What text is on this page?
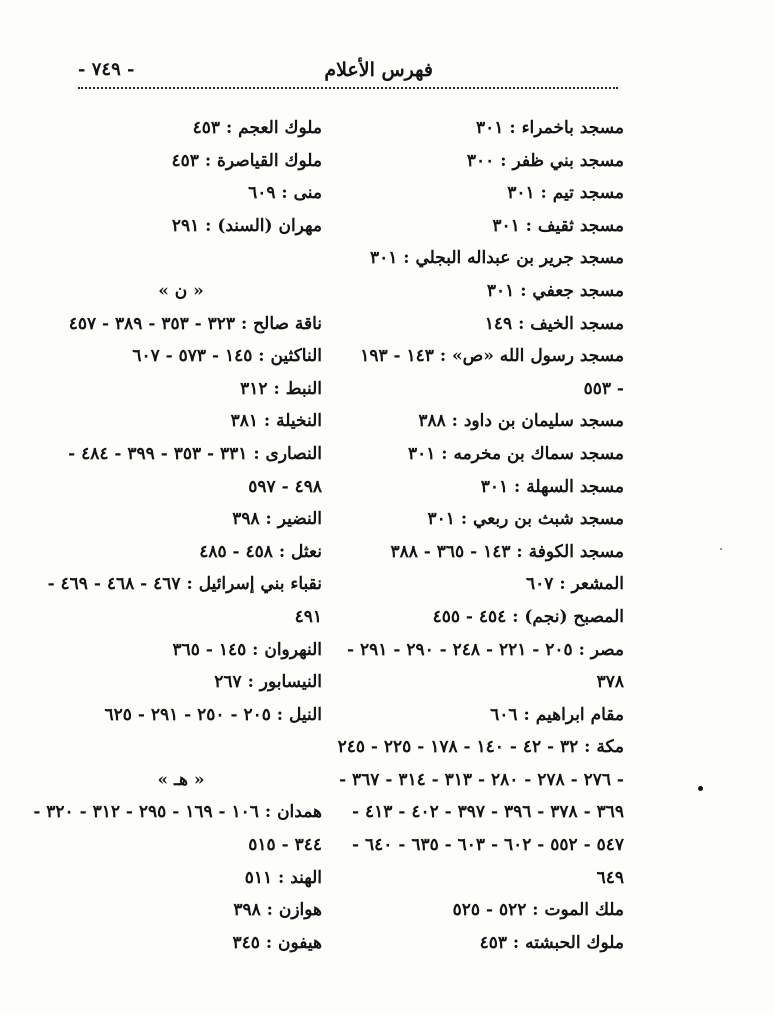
فهرس الأعلام
- ٧٤٩ -
مسجد باخمراء : ٣٠١
مسجد بني ظفر : ٣٠٠
مسجد تيم : ٣٠١
مسجد ثقيف : ٣٠١
مسجد جرير بن عبداله البجلي : ٣٠١
مسجد جعفي : ٣٠١
مسجد الخيف : ١٤٩
مسجد رسول الله «ص» : ١٤٣ - ١٩٣
- ٥٥٣
مسجد سليمان بن داود : ٣٨٨
مسجد سماك بن مخرمه : ٣٠١
مسجد السهلة : ٣٠١
مسجد شبث بن ربعي : ٣٠١
مسجد الكوفة : ١٤٣ - ٣٦٥ - ٣٨٨
المشعر : ٦٠٧
المصبح (نجم) : ٤٥٤ - ٤٥٥
مصر : ٢٠٥ - ٢٢١ - ٢٤٨ - ٢٩٠ - ٢٩١ -
٣٧٨
مقام ابراهيم : ٦٠٦
مكة : ٣٢ - ٤٢ - ١٤٠ - ١٧٨ - ٢٢٥ - ٢٤٥
- ٢٧٦ - ٢٧٨ - ٢٨٠ - ٣١٣ - ٣١٤ - ٣٦٧ -
٣٦٩ - ٣٧٨ - ٣٩٦ - ٣٩٧ - ٤٠٢ - ٤١٣ -
٥٤٧ - ٥٥٢ - ٦٠٢ - ٦٠٣ - ٦٣٥ - ٦٤٠ -
٦٤٩
ملك الموت : ٥٢٢ - ٥٢٥
ملوك الحبشته : ٤٥٣
ملوك العجم : ٤٥٣
ملوك القياصرة : ٤٥٣
منى : ٦٠٩
مهران (السند) : ٢٩١
« ن »
ناقة صالح : ٣٢٣ - ٣٥٣ - ٣٨٩ - ٤٥٧
الناكثين : ١٤٥ - ٥٧٣ - ٦٠٧
النبط : ٣١٢
النخيلة : ٣٨١
النصارى : ٣٣١ - ٣٥٣ - ٣٩٩ - ٤٨٤ -
٤٩٨ - ٥٩٧
النضير : ٣٩٨
نعثل : ٤٥٨ - ٤٨٥
نقباء بني إسرائيل : ٤٦٧ - ٤٦٨ - ٤٦٩ -
٤٩١
النهروان : ١٤٥ - ٣٦٥
النيسابور : ٢٦٧
النيل : ٢٠٥ - ٢٥٠ - ٢٩١ - ٦٢٥
« هـ »
همدان : ١٠٦ - ١٦٩ - ٢٩٥ - ٣١٢ - ٣٢٠ -
٣٤٤ - ٥١٥
الهند : ٥١١
هوازن : ٣٩٨
هيفون : ٣٤٥
